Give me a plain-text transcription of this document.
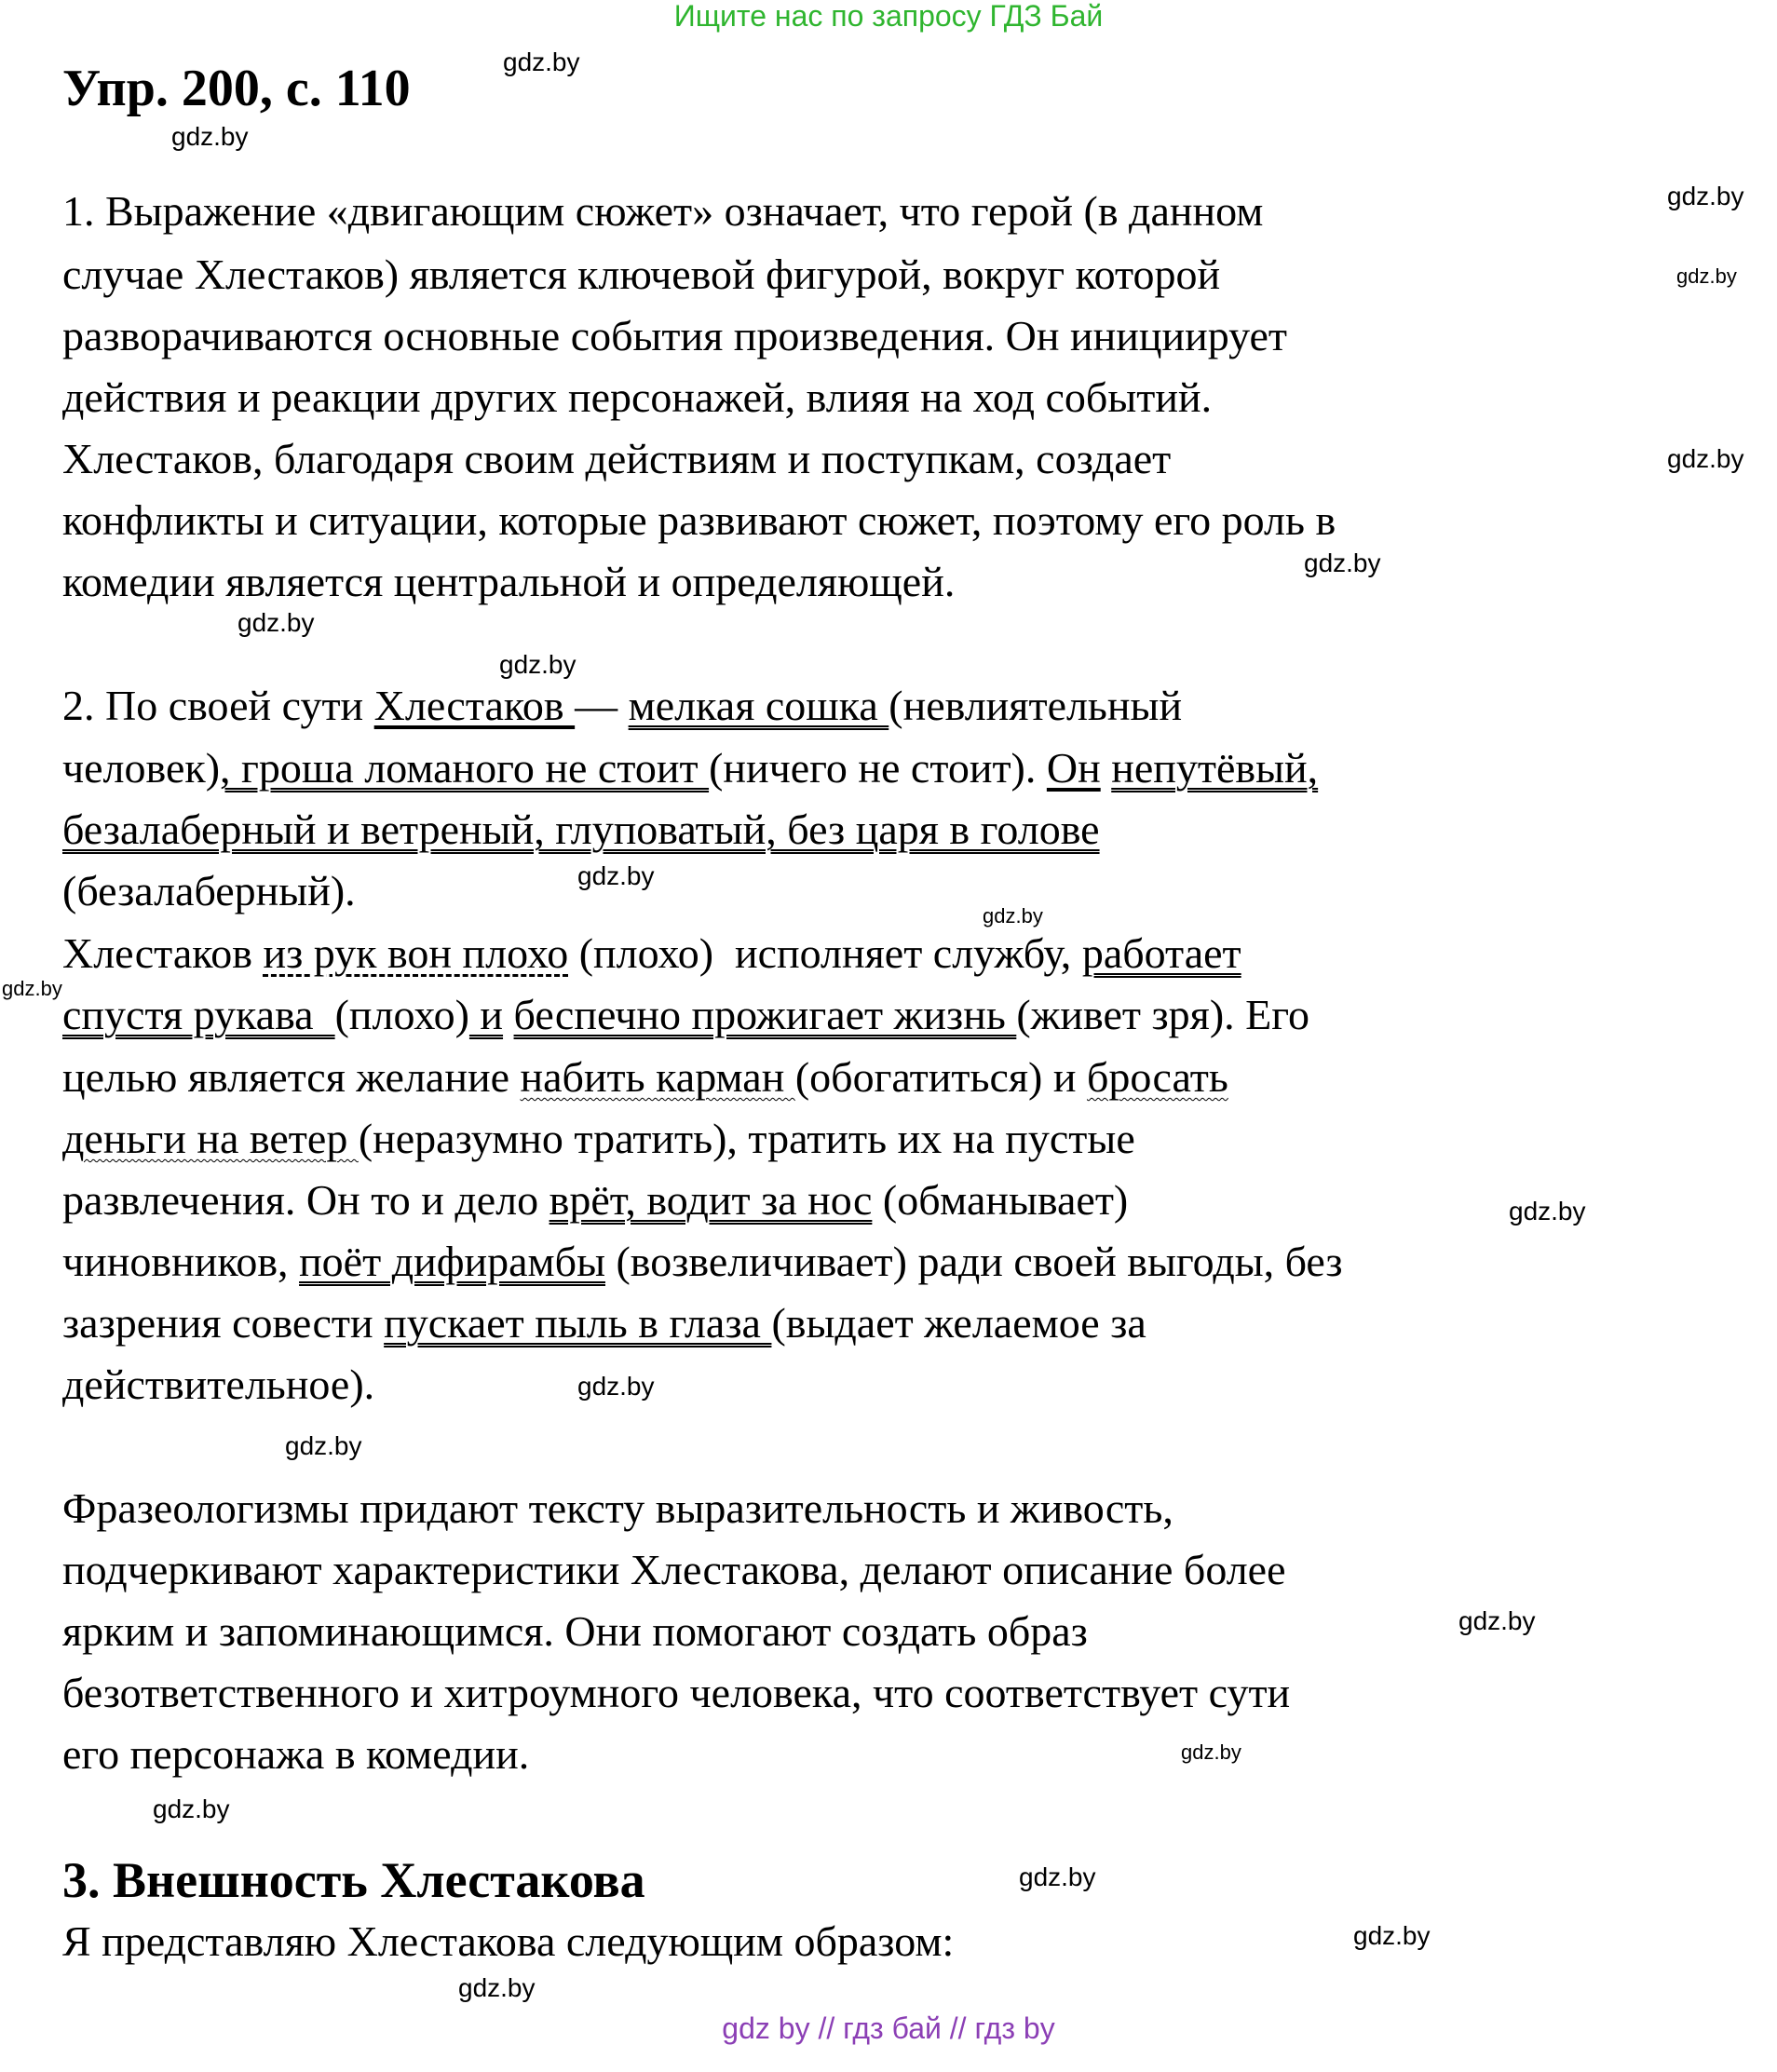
Ищите нас по запросу ГДЗ Бай
Упр. 200, с. 110
1. Выражение «двигающим сюжет» означает, что герой (в данном
случае Хлестаков) является ключевой фигурой, вокруг которой
разворачиваются основные события произведения. Он инициирует
действия и реакции других персонажей, влияя на ход событий.
Хлестаков, благодаря своим действиям и поступкам, создает
конфликты и ситуации, которые развивают сюжет, поэтому его роль в
комедии является центральной и определяющей.
2. По своей сути Хлестаков — мелкая сошка (невлиятельный
человек), гроша ломаного не стоит (ничего не стоит). Он непутёвый,
безалаберный и ветреный, глуповатый, без царя в голове
(безалаберный).
Хлестаков из рук вон плохо (плохо)  исполняет службу, работает
спустя рукава  (плохо) и беспечно прожигает жизнь (живет зря). Его
целью является желание набить карман (обогатиться) и бросать
деньги на ветер (неразумно тратить), тратить их на пустые
развлечения. Он то и дело врёт, водит за нос (обманывает)
чиновников, поёт дифирамбы (возвеличивает) ради своей выгоды, без
зазрения совести пускает пыль в глаза (выдает желаемое за
действительное).
Фразеологизмы придают тексту выразительность и живость,
подчеркивают характеристики Хлестакова, делают описание более
ярким и запоминающимся. Они помогают создать образ
безответственного и хитроумного человека, что соответствует сути
его персонажа в комедии.
Я представляю Хлестакова следующим образом:
3. Внешность Хлестакова
gdz.by
gdz.by
gdz.by
gdz.by
gdz.by
gdz.by
gdz.by
gdz.by
gdz.by
gdz.by
gdz.by
gdz.by
gdz.by
gdz.by
gdz.by
gdz.by
gdz.by
gdz.by
gdz.by
gdz.by
gdz by // гдз бай // гдз by
